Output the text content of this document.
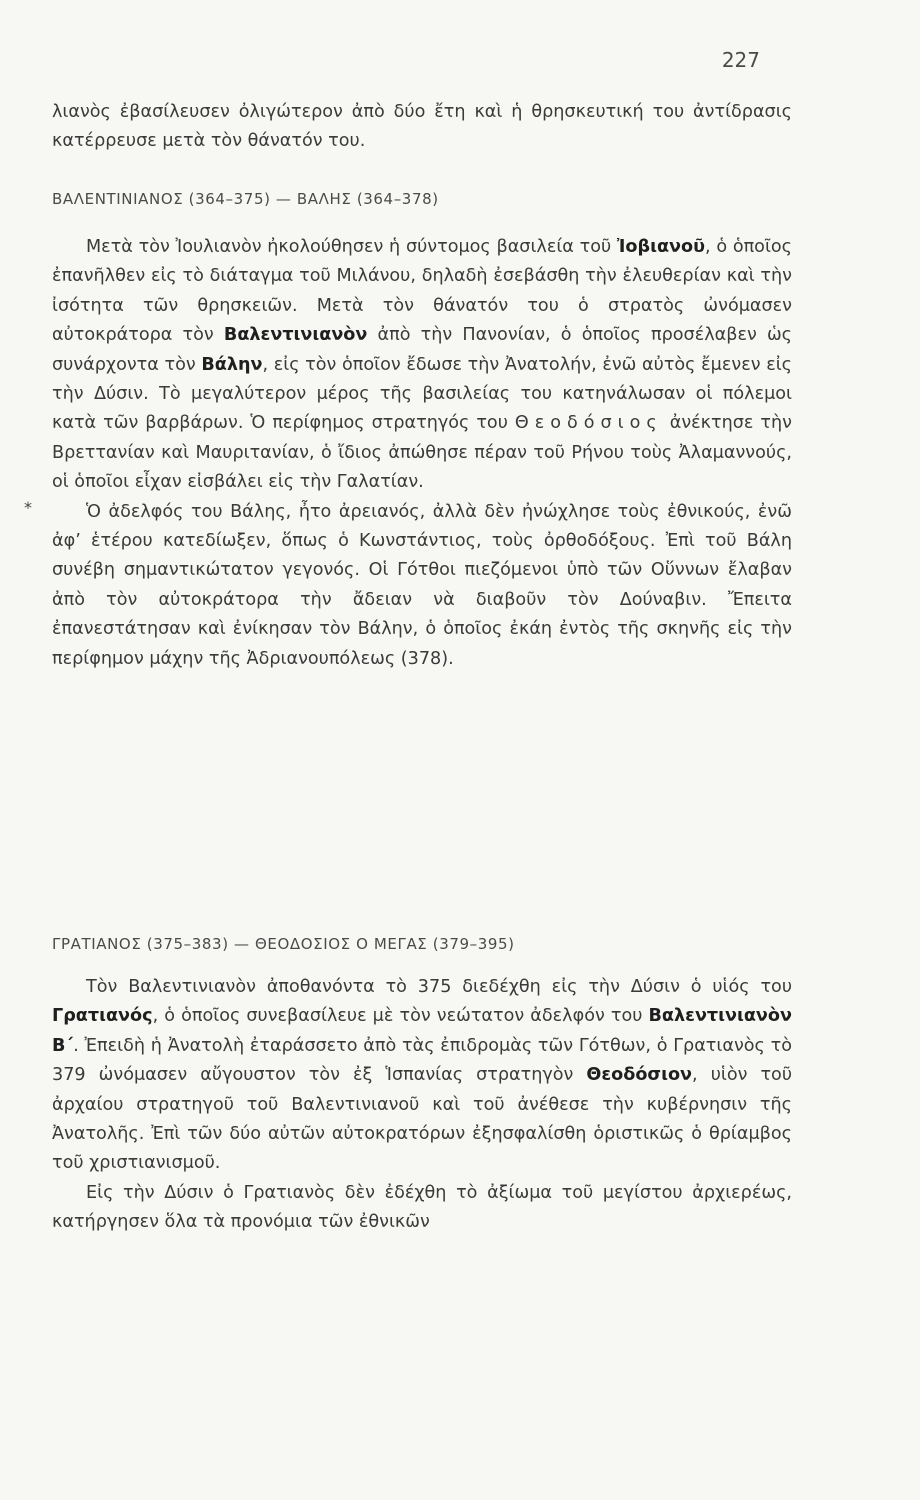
227

λιανὸς ἐβασίλευσεν ὀλιγώτερον ἀπὸ δύο ἔτη καὶ ἡ θρησκευτική του ἀντίδρασις κατέρρευσε μετὰ τὸν θάνατόν του.

ΒΑΛΕΝΤΙΝΙΑΝΟΣ (364–375) — ΒΑΛΗΣ (364–378)
*

Μετὰ τὸν Ἰουλιανὸν ἠκολούθησεν ἡ σύντομος βασιλεία τοῦ Ἰοβιανοῦ, ὁ ὁποῖος ἐπανῆλθεν εἰς τὸ διάταγμα τοῦ Μιλάνου, δηλαδὴ ἐσεβάσθη τὴν ἐλευθερίαν καὶ τὴν ἰσότητα τῶν θρησκειῶν. Μετὰ τὸν θάνατόν του ὁ στρατὸς ὠνόμασεν αὐτοκράτορα τὸν Βαλεντινιανὸν ἀπὸ τὴν Πανονίαν, ὁ ὁποῖος προσέλαβεν ὡς συνάρχοντα τὸν Βάλην, εἰς τὸν ὁποῖον ἔδωσε τὴν Ἀνατολήν, ἐνῶ αὐτὸς ἔμενεν εἰς τὴν Δύσιν. Τὸ μεγαλύτερον μέρος τῆς βασιλείας του κατηνάλωσαν οἱ πόλεμοι κατὰ τῶν βαρβάρων. Ὁ περίφημος στρατηγός του Θεοδόσιος ἀνέκτησε τὴν Βρεττανίαν καὶ Μαυριτανίαν, ὁ ἴδιος ἀπώθησε πέραν τοῦ Ρήνου τοὺς Ἀλαμαννούς, οἱ ὁποῖοι εἶχαν εἰσβάλει εἰς τὴν Γαλατίαν.

Ὁ ἀδελφός του Βάλης, ἦτο ἀρειανός, ἀλλὰ δὲν ἠνώχλησε τοὺς ἐθνικούς, ἐνῶ ἀφ’ ἑτέρου κατεδίωξεν, ὅπως ὁ Κωνστάντιος, τοὺς ὀρθοδόξους. Ἐπὶ τοῦ Βάλη συνέβη σημαντικώτατον γεγονός. Οἱ Γότθοι πιεζόμενοι ὑπὸ τῶν Οὕννων ἔλαβαν ἀπὸ τὸν αὐτοκράτορα τὴν ἄδειαν νὰ διαβοῦν τὸν Δούναβιν. Ἔπειτα ἐπανεστάτησαν καὶ ἐνίκησαν τὸν Βάλην, ὁ ὁποῖος ἐκάη ἐντὸς τῆς σκηνῆς εἰς τὴν περίφημον μάχην τῆς Ἀδριανουπόλεως (378).

ΓΡΑΤΙΑΝΟΣ (375–383) — ΘΕΟΔΟΣΙΟΣ Ο ΜΕΓΑΣ (379–395)

Τὸν Βαλεντινιανὸν ἀποθανόντα τὸ 375 διεδέχθη εἰς τὴν Δύσιν ὁ υἱός του Γρατιανός, ὁ ὁποῖος συνεβασίλευε μὲ τὸν νεώτατον ἀδελφόν του Βαλεντινιανὸν Β΄. Ἐπειδὴ ἡ Ἀνατολὴ ἐταράσσετο ἀπὸ τὰς ἐπιδρομὰς τῶν Γότθων, ὁ Γρατιανὸς τὸ 379 ὠνόμασεν αὔγουστον τὸν ἐξ Ἱσπανίας στρατηγὸν Θεοδόσιον, υἱὸν τοῦ ἀρχαίου στρατηγοῦ τοῦ Βαλεντινιανοῦ καὶ τοῦ ἀνέθεσε τὴν κυβέρνησιν τῆς Ἀνατολῆς. Ἐπὶ τῶν δύο αὐτῶν αὐτοκρατόρων ἐξησφαλίσθη ὁριστικῶς ὁ θρίαμβος τοῦ χριστιανισμοῦ.

Εἰς τὴν Δύσιν ὁ Γρατιανὸς δὲν ἐδέχθη τὸ ἀξίωμα τοῦ μεγίστου ἀρχιερέως, κατήργησεν ὅλα τὰ προνόμια τῶν ἐθνικῶν
